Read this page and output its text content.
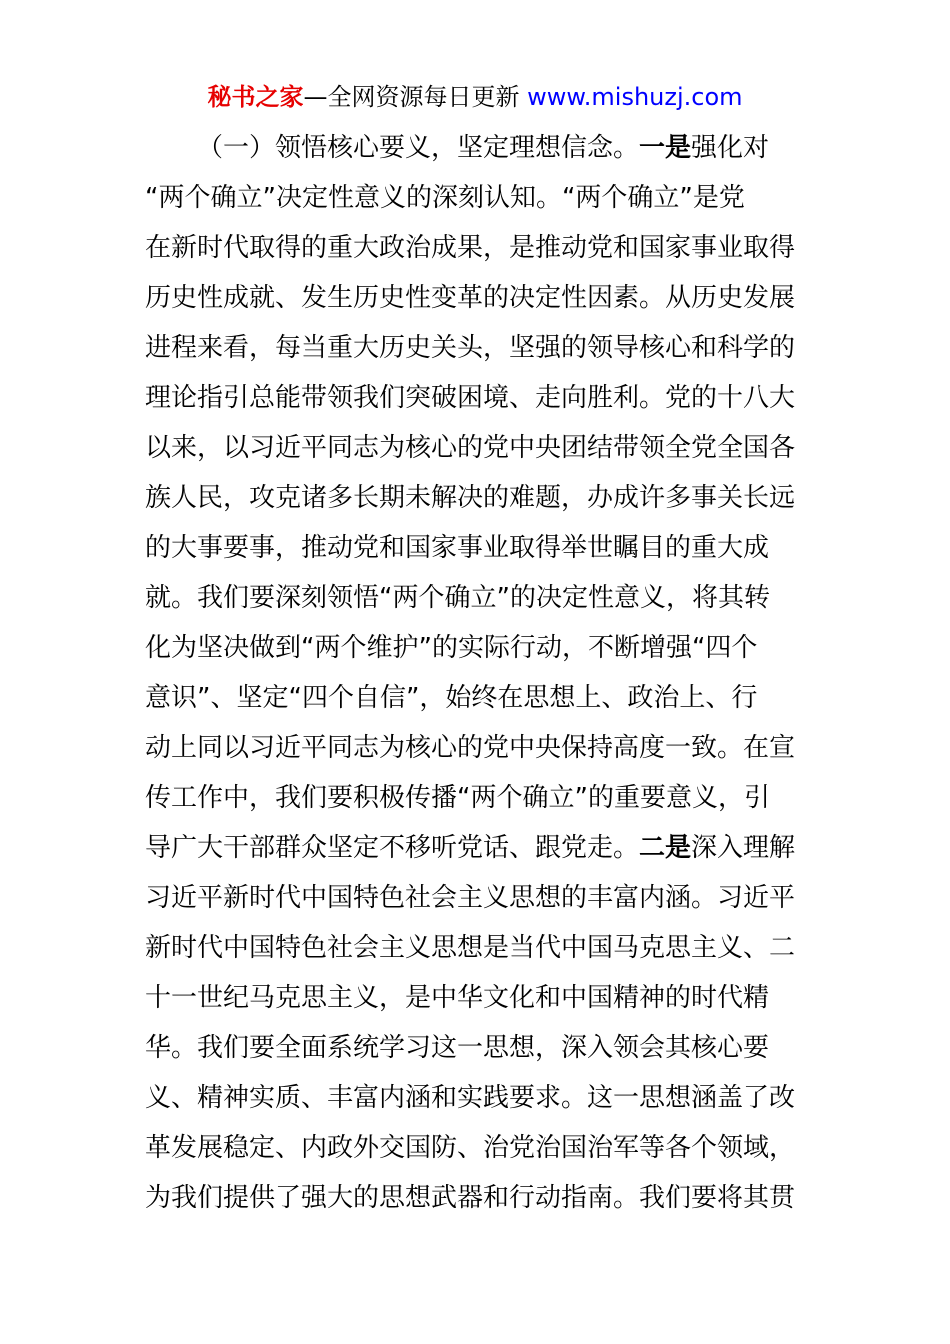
秘书之家—全网资源每日更新 www.mishuzj.com
（一）领悟核心要义，坚定理想信念。一是强化对
“两个确立”决定性意义的深刻认知。“两个确立”是党
在新时代取得的重大政治成果，是推动党和国家事业取得
历史性成就、发生历史性变革的决定性因素。从历史发展
进程来看，每当重大历史关头，坚强的领导核心和科学的
理论指引总能带领我们突破困境、走向胜利。党的十八大
以来，以习近平同志为核心的党中央团结带领全党全国各
族人民，攻克诸多长期未解决的难题，办成许多事关长远
的大事要事，推动党和国家事业取得举世瞩目的重大成
就。我们要深刻领悟“两个确立”的决定性意义，将其转
化为坚决做到“两个维护”的实际行动，不断增强“四个
意识”、坚定“四个自信”，始终在思想上、政治上、行
动上同以习近平同志为核心的党中央保持高度一致。在宣
传工作中，我们要积极传播“两个确立”的重要意义，引
导广大干部群众坚定不移听党话、跟党走。二是深入理解
习近平新时代中国特色社会主义思想的丰富内涵。习近平
新时代中国特色社会主义思想是当代中国马克思主义、二
十一世纪马克思主义，是中华文化和中国精神的时代精
华。我们要全面系统学习这一思想，深入领会其核心要
义、精神实质、丰富内涵和实践要求。这一思想涵盖了改
革发展稳定、内政外交国防、治党治国治军等各个领域，
为我们提供了强大的思想武器和行动指南。我们要将其贯
